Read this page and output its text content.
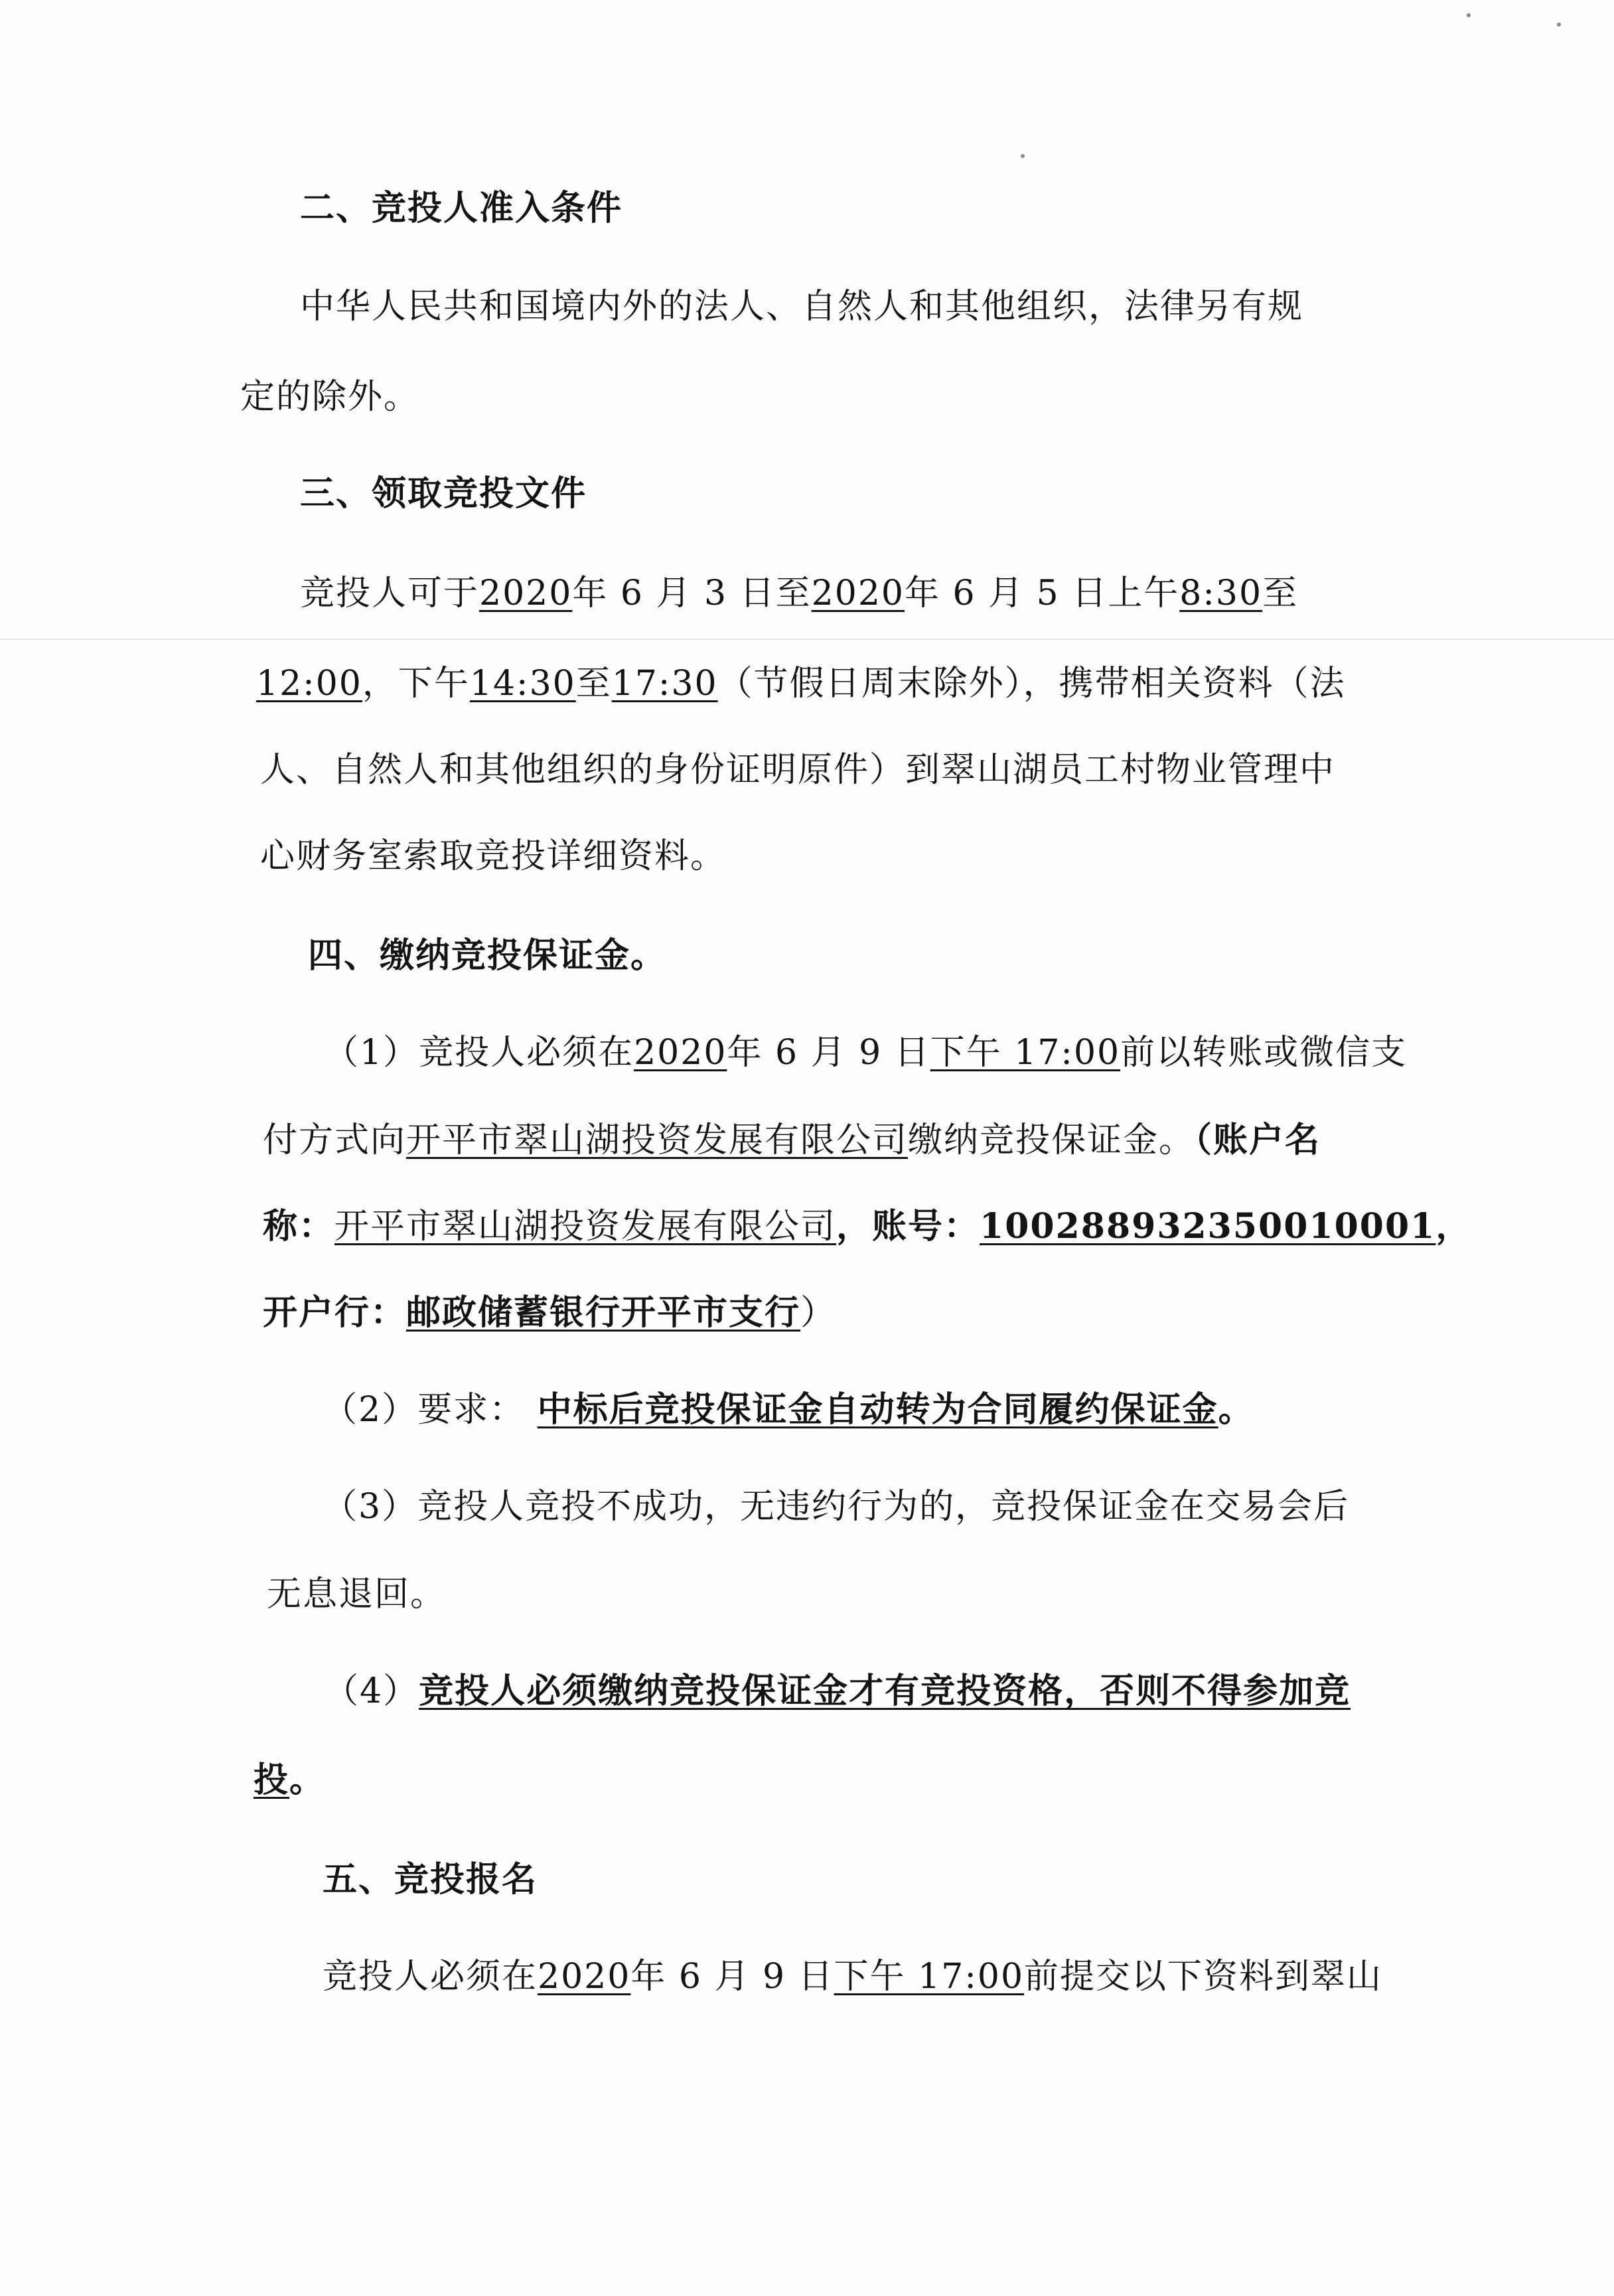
二、竞投人准入条件
中华人民共和国境内外的法人、自然人和其他组织，法律另有规
定的除外。
三、领取竞投文件
竞投人可于2020年 6 月 3 日至2020年 6 月 5 日上午8:30至
12:00，下午14:30至17:30（节假日周末除外），携带相关资料（法
人、自然人和其他组织的身份证明原件）到翠山湖员工村物业管理中
心财务室索取竞投详细资料。
四、缴纳竞投保证金。
（1）竞投人必须在2020年 6 月 9 日下午 17:00前以转账或微信支
付方式向开平市翠山湖投资发展有限公司缴纳竞投保证金。（账户名
称：开平市翠山湖投资发展有限公司，账号：100288932350010001，
开户行：邮政储蓄银行开平市支行）
（2）要求： 中标后竞投保证金自动转为合同履约保证金。
（3）竞投人竞投不成功，无违约行为的，竞投保证金在交易会后
无息退回。
（4）竞投人必须缴纳竞投保证金才有竞投资格，否则不得参加竞
投。
五、竞投报名
竞投人必须在2020年 6 月 9 日下午 17:00前提交以下资料到翠山
